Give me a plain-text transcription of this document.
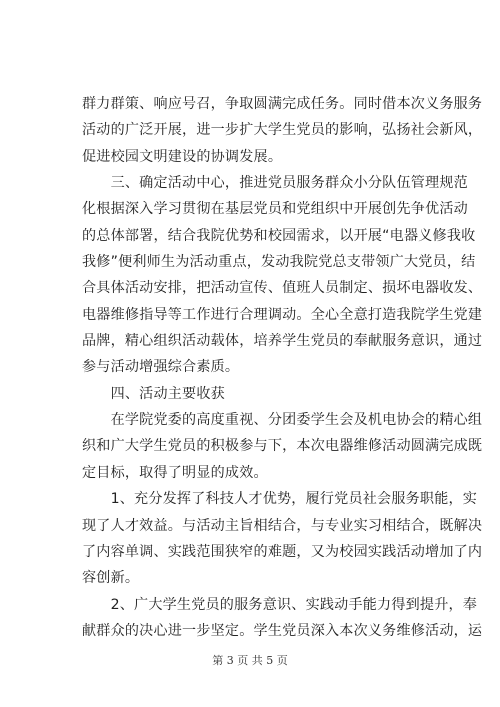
群力群策、响应号召，争取圆满完成任务。同时借本次义务服务
活动的广泛开展，进一步扩大学生党员的影响，弘扬社会新风，
促进校园文明建设的协调发展。
　　三、确定活动中心，推进党员服务群众小分队伍管理规范
化根据深入学习贯彻在基层党员和党组织中开展创先争优活动
的总体部署，结合我院优势和校园需求，以开展“电器义修我收
我修”便利师生为活动重点，发动我院党总支带领广大党员，结
合具体活动安排，把活动宣传、值班人员制定、损坏电器收发、
电器维修指导等工作进行合理调动。全心全意打造我院学生党建
品牌，精心组织活动载体，培养学生党员的奉献服务意识，通过
参与活动增强综合素质。
　　四、活动主要收获
　　在学院党委的高度重视、分团委学生会及机电协会的精心组
织和广大学生党员的积极参与下，本次电器维修活动圆满完成既
定目标，取得了明显的成效。
　　1、充分发挥了科技人才优势，履行党员社会服务职能，实
现了人才效益。与活动主旨相结合，与专业实习相结合，既解决
了内容单调、实践范围狭窄的难题，又为校园实践活动增加了内
容创新。
　　2、广大学生党员的服务意识、实践动手能力得到提升，奉
献群众的决心进一步坚定。学生党员深入本次义务维修活动，运
第 3 页 共 5 页
